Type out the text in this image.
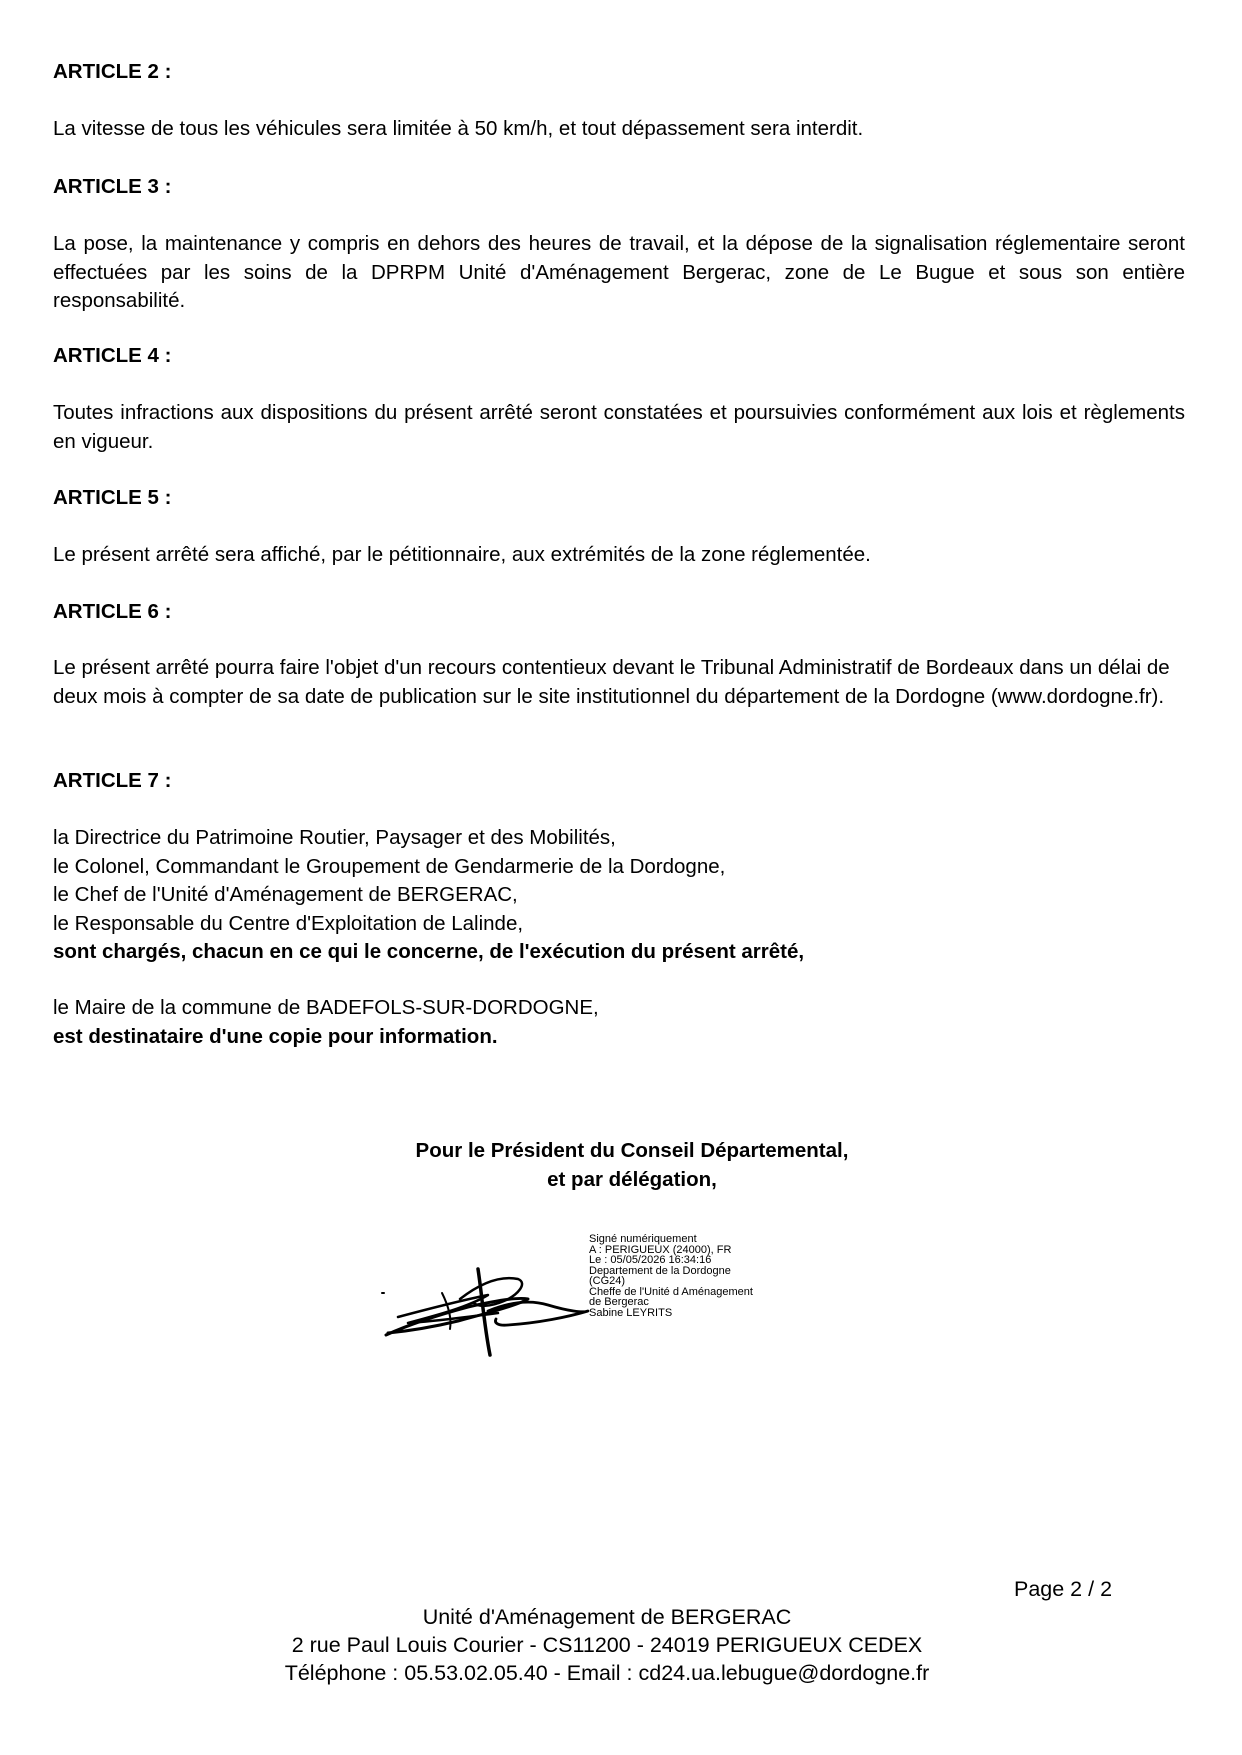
ARTICLE 2 :
La vitesse de tous les véhicules sera limitée à 50 km/h, et tout dépassement sera interdit.
ARTICLE 3 :
La pose, la maintenance y compris en dehors des heures de travail, et la dépose de la signalisation réglementaire seront effectuées par les soins de la DPRPM Unité d'Aménagement Bergerac, zone de Le Bugue et sous son entière responsabilité.
ARTICLE 4 :
Toutes infractions aux dispositions du présent arrêté seront constatées et poursuivies conformément aux lois et règlements en vigueur.
ARTICLE 5 :
Le présent arrêté sera affiché, par le pétitionnaire, aux extrémités de la zone réglementée.
ARTICLE 6 :
Le présent arrêté pourra faire l'objet d'un recours contentieux devant le Tribunal Administratif de Bordeaux dans un délai de deux mois à compter de sa date de publication sur le site institutionnel du département de la Dordogne (www.dordogne.fr).
ARTICLE 7 :
la Directrice du Patrimoine Routier, Paysager et des Mobilités,
le Colonel, Commandant le Groupement de Gendarmerie de la Dordogne,
le Chef de l'Unité d'Aménagement de BERGERAC,
le Responsable du Centre d'Exploitation de Lalinde,
sont chargés, chacun en ce qui le concerne, de l'exécution du présent arrêté,
le Maire de la commune de BADEFOLS-SUR-DORDOGNE,
est destinataire d'une copie pour information.
Pour le Président du Conseil Départemental,
et par délégation,
Signé numériquement
A : PERIGUEUX (24000), FR
Le : 05/05/2026 16:34:16
Departement de la Dordogne
(CG24)
Cheffe de l'Unité d Aménagement
de Bergerac
Sabine LEYRITS
Page 2 / 2
Unité d'Aménagement de BERGERAC
2 rue Paul Louis Courier - CS11200 - 24019 PERIGUEUX CEDEX
Téléphone : 05.53.02.05.40 - Email : cd24.ua.lebugue@dordogne.fr
